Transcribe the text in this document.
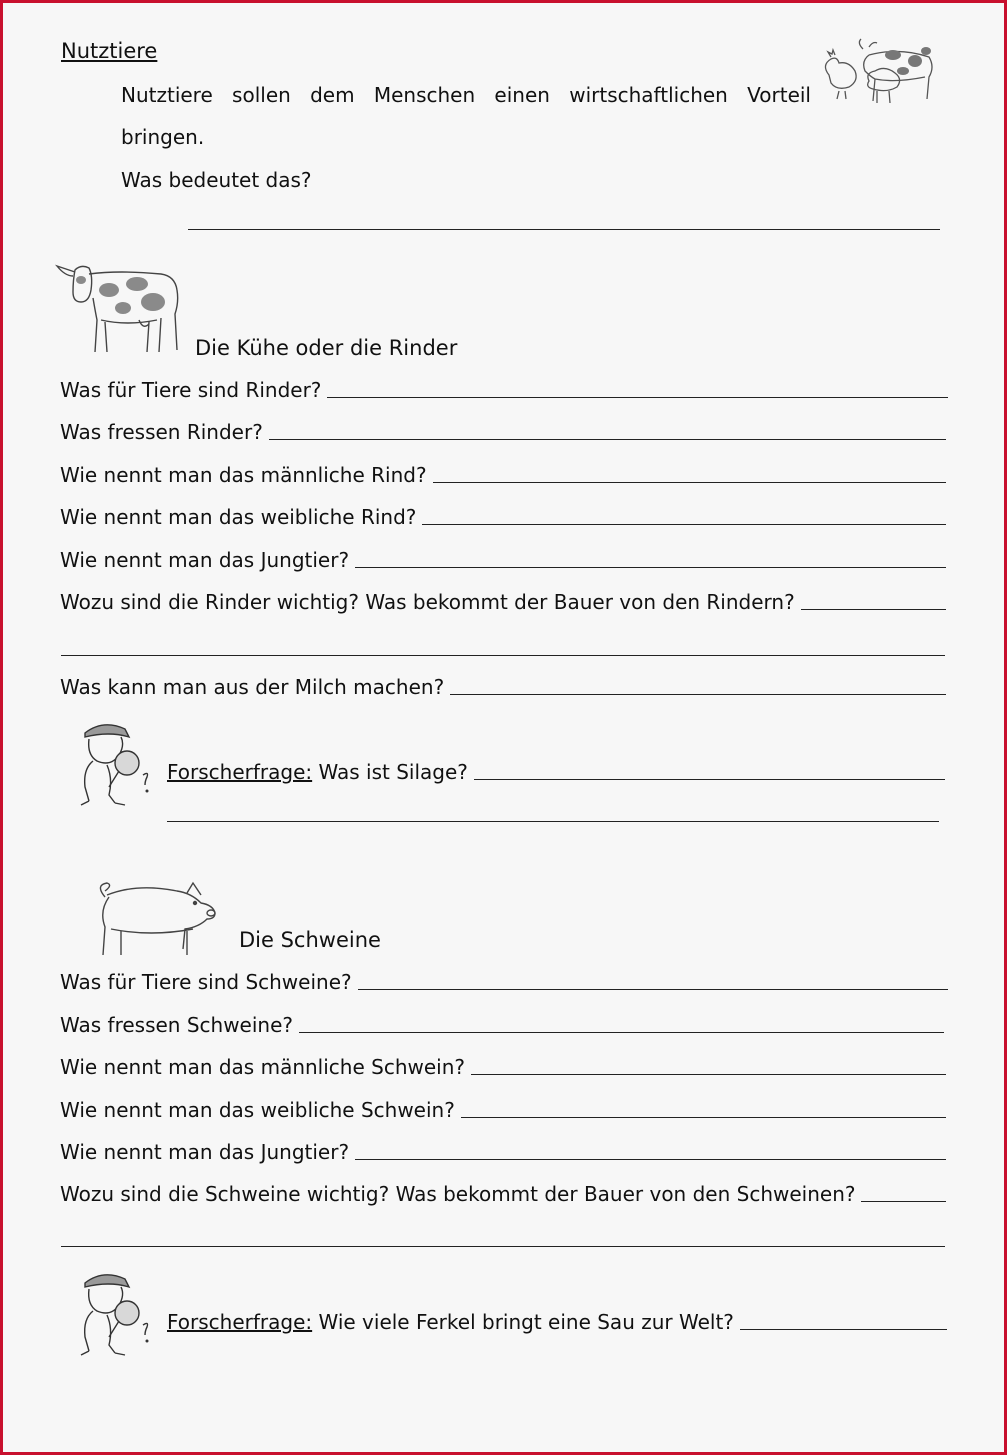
Nutztiere
Nutztiere sollen dem Menschen einen wirtschaftlichen Vorteil
bringen.
Was bedeutet das?
Die Kühe oder die Rinder
Was für Tiere sind Rinder?
Was fressen Rinder?
Wie nennt man das männliche Rind?
Wie nennt man das weibliche Rind?
Wie nennt man das Jungtier?
Wozu sind die Rinder wichtig? Was bekommt der Bauer von den Rindern?
Was kann man aus der Milch machen?
Forscherfrage: Was ist Silage?
Die Schweine
Was für Tiere sind Schweine?
Was fressen Schweine?
Wie nennt man das männliche Schwein?
Wie nennt man das weibliche Schwein?
Wie nennt man das Jungtier?
Wozu sind die Schweine wichtig? Was bekommt der Bauer von den Schweinen?
Forscherfrage: Wie viele Ferkel bringt eine Sau zur Welt?
